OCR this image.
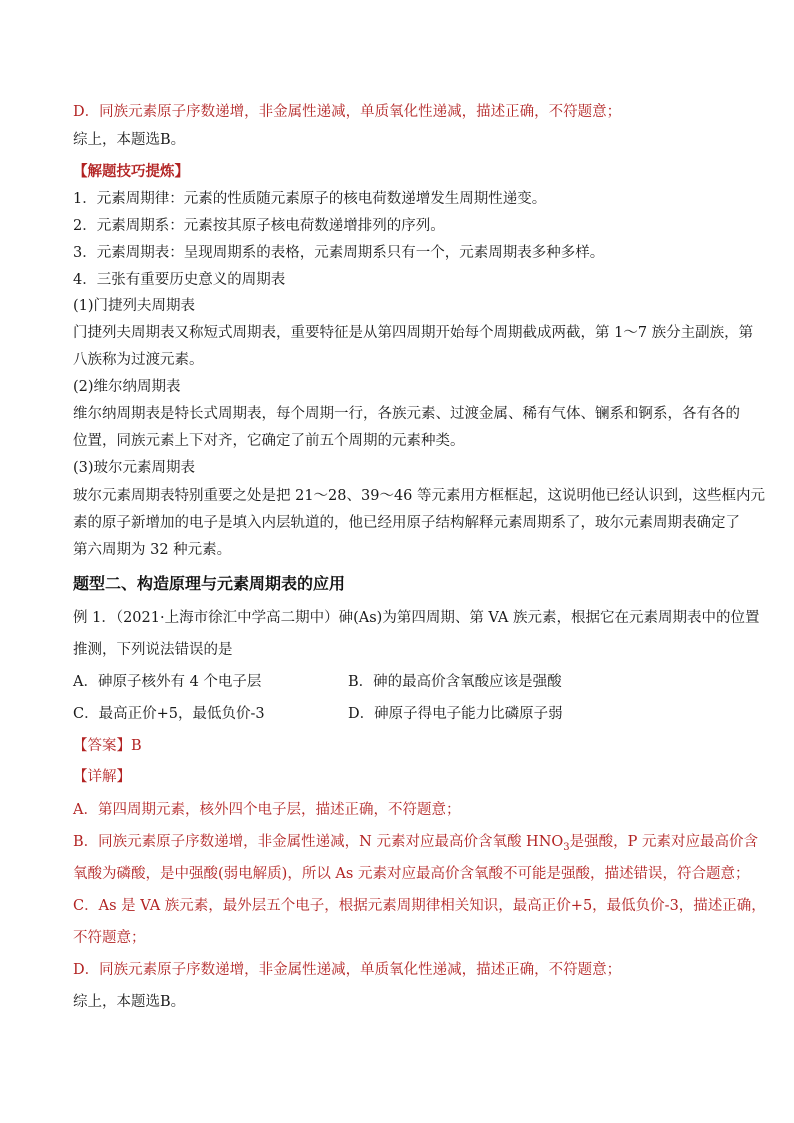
D．同族元素原子序数递增，非金属性递减，单质氧化性递减，描述正确，不符题意；
综上，本题选B。
【解题技巧提炼】
1．元素周期律：元素的性质随元素原子的核电荷数递增发生周期性递变。
2．元素周期系：元素按其原子核电荷数递增排列的序列。
3．元素周期表：呈现周期系的表格，元素周期系只有一个，元素周期表多种多样。
4．三张有重要历史意义的周期表
(1)门捷列夫周期表
门捷列夫周期表又称短式周期表，重要特征是从第四周期开始每个周期截成两截，第 1～7 族分主副族，第
八族称为过渡元素。
(2)维尔纳周期表
维尔纳周期表是特长式周期表，每个周期一行，各族元素、过渡金属、稀有气体、镧系和锕系，各有各的
位置，同族元素上下对齐，它确定了前五个周期的元素种类。
(3)玻尔元素周期表
玻尔元素周期表特别重要之处是把 21～28、39～46 等元素用方框框起，这说明他已经认识到，这些框内元
素的原子新增加的电子是填入内层轨道的，他已经用原子结构解释元素周期系了，玻尔元素周期表确定了
第六周期为 32 种元素。
题型二、构造原理与元素周期表的应用
例 1．（2021·上海市徐汇中学高二期中）砷(As)为第四周期、第 VA 族元素，根据它在元素周期表中的位置
推测，下列说法错误的是
A．砷原子核外有 4 个电子层	B．砷的最高价含氧酸应该是强酸
C．最高正价+5，最低负价-3	D．砷原子得电子能力比磷原子弱
【答案】B
【详解】
A．第四周期元素，核外四个电子层，描述正确，不符题意；
B．同族元素原子序数递增，非金属性递减，N 元素对应最高价含氧酸 $HNO_3$是强酸，P 元素对应最高价含
氧酸为磷酸，是中强酸(弱电解质)，所以 As 元素对应最高价含氧酸不可能是强酸，描述错误，符合题意；
C．As 是 VA 族元素，最外层五个电子，根据元素周期律相关知识，最高正价+5，最低负价-3，描述正确，
不符题意；
D．同族元素原子序数递增，非金属性递减，单质氧化性递减，描述正确，不符题意；
综上，本题选B。
